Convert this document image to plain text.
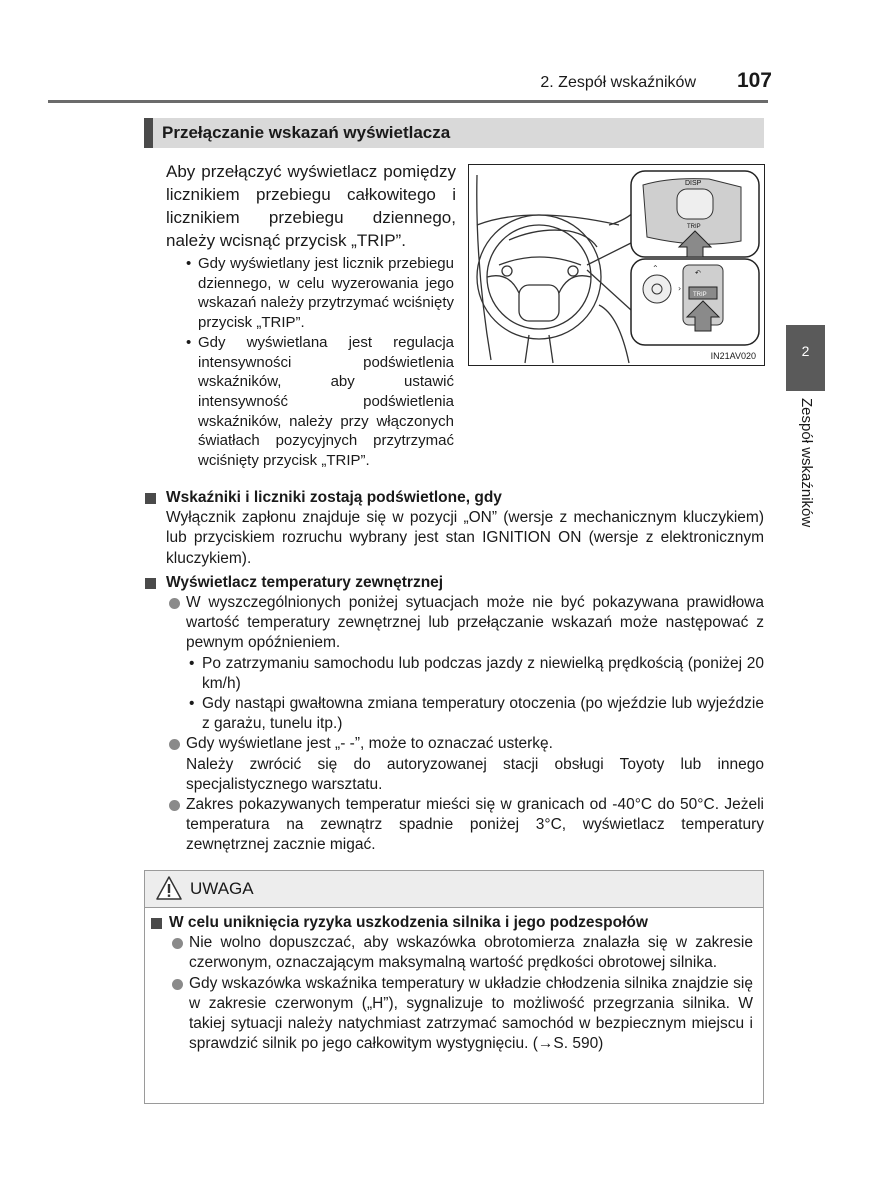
2. Zespół wskaźników 107
Przełączanie wskazań wyświetlacza
Aby przełączyć wyświetlacz pomiędzy licznikiem przebiegu całkowitego i licznikiem przebiegu dziennego, należy wcisnąć przycisk „TRIP”.
• Gdy wyświetlany jest licznik przebiegu dziennego, w celu wyzerowania jego wskazań należy przytrzymać wciśnięty przycisk „TRIP”.
• Gdy wyświetlana jest regulacja intensywności podświetlenia wskaźników, aby ustawić intensywność podświetlenia wskaźników, należy przy włączonych światłach pozycyjnych przytrzymać wciśnięty przycisk „TRIP”.
DISP
TRIP
⌃
›
↶
TRIP
IN21AV020	2
Zespół wskaźników
Wskaźniki i liczniki zostają podświetlone, gdy
Wyłącznik zapłonu znajduje się w pozycji „ON” (wersje z mechanicznym kluczykiem) lub przyciskiem rozruchu wybrany jest stan IGNITION ON (wersje z elektronicznym kluczykiem).
Wyświetlacz temperatury zewnętrznej
W wyszczególnionych poniżej sytuacjach może nie być pokazywana prawidłowa wartość temperatury zewnętrznej lub przełączanie wskazań może następować z pewnym opóźnieniem.
• Po zatrzymaniu samochodu lub podczas jazdy z niewielką prędkością (poniżej 20 km/h)
• Gdy nastąpi gwałtowna zmiana temperatury otoczenia (po wjeździe lub wyjeździe z garażu, tunelu itp.)
Gdy wyświetlane jest „- -”, może to oznaczać usterkę.
Należy zwrócić się do autoryzowanej stacji obsługi Toyoty lub innego specjalistycznego warsztatu.
Zakres pokazywanych temperatur mieści się w granicach od -40°C do 50°C. Jeżeli temperatura na zewnątrz spadnie poniżej 3°C, wyświetlacz temperatury zewnętrznej zacznie migać.
UWAGA
W celu uniknięcia ryzyka uszkodzenia silnika i jego podzespołów
Nie wolno dopuszczać, aby wskazówka obrotomierza znalazła się w zakresie czerwonym, oznaczającym maksymalną wartość prędkości obrotowej silnika.
Gdy wskazówka wskaźnika temperatury w układzie chłodzenia silnika znajdzie się w zakresie czerwonym („H”), sygnalizuje to możliwość przegrzania silnika. W takiej sytuacji należy natychmiast zatrzymać samochód w bezpiecznym miejscu i sprawdzić silnik po jego całkowitym wystygnięciu. (→S. 590)
